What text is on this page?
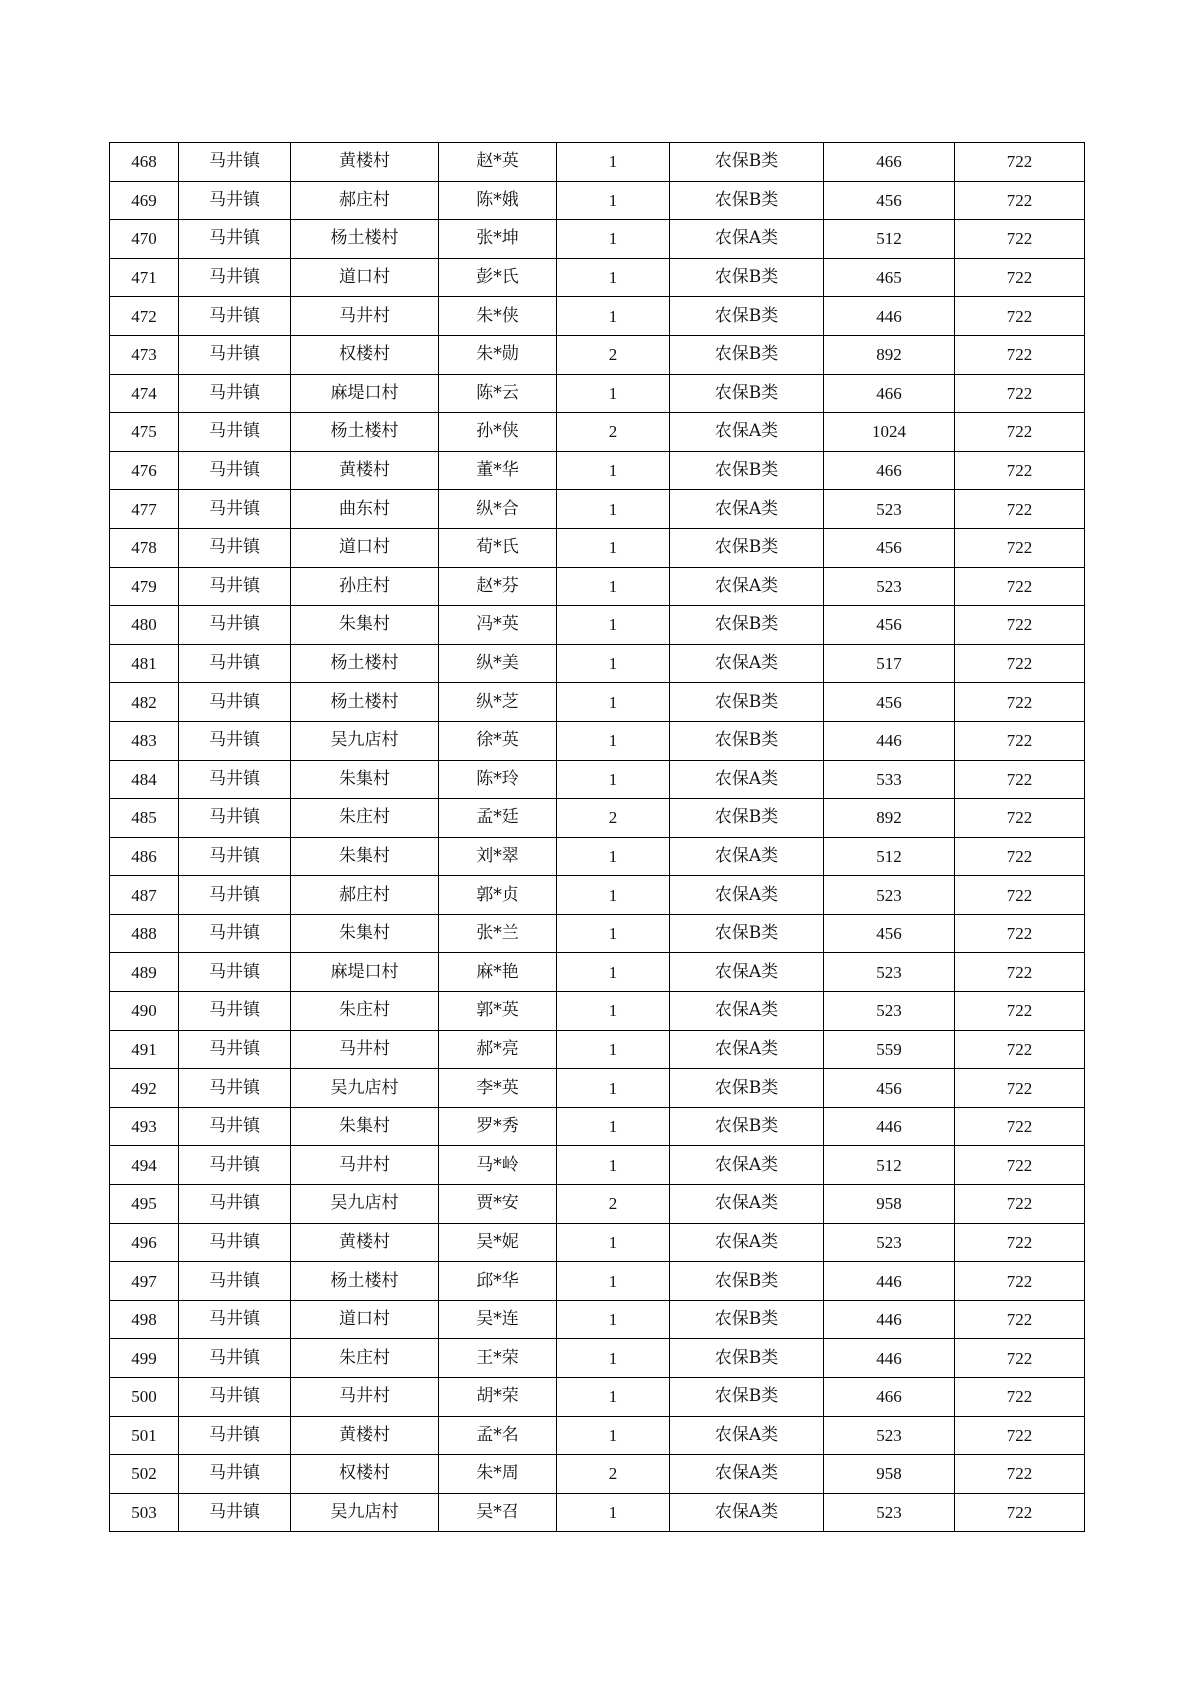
468	马井镇	黄楼村	赵*英	1	农保B类	466	722
469	马井镇	郝庄村	陈*娥	1	农保B类	456	722
470	马井镇	杨土楼村	张*坤	1	农保A类	512	722
471	马井镇	道口村	彭*氏	1	农保B类	465	722
472	马井镇	马井村	朱*侠	1	农保B类	446	722
473	马井镇	权楼村	朱*勋	2	农保B类	892	722
474	马井镇	麻堤口村	陈*云	1	农保B类	466	722
475	马井镇	杨土楼村	孙*侠	2	农保A类	1024	722
476	马井镇	黄楼村	董*华	1	农保B类	466	722
477	马井镇	曲东村	纵*合	1	农保A类	523	722
478	马井镇	道口村	荀*氏	1	农保B类	456	722
479	马井镇	孙庄村	赵*芬	1	农保A类	523	722
480	马井镇	朱集村	冯*英	1	农保B类	456	722
481	马井镇	杨土楼村	纵*美	1	农保A类	517	722
482	马井镇	杨土楼村	纵*芝	1	农保B类	456	722
483	马井镇	吴九店村	徐*英	1	农保B类	446	722
484	马井镇	朱集村	陈*玲	1	农保A类	533	722
485	马井镇	朱庄村	孟*廷	2	农保B类	892	722
486	马井镇	朱集村	刘*翠	1	农保A类	512	722
487	马井镇	郝庄村	郭*贞	1	农保A类	523	722
488	马井镇	朱集村	张*兰	1	农保B类	456	722
489	马井镇	麻堤口村	麻*艳	1	农保A类	523	722
490	马井镇	朱庄村	郭*英	1	农保A类	523	722
491	马井镇	马井村	郝*亮	1	农保A类	559	722
492	马井镇	吴九店村	李*英	1	农保B类	456	722
493	马井镇	朱集村	罗*秀	1	农保B类	446	722
494	马井镇	马井村	马*岭	1	农保A类	512	722
495	马井镇	吴九店村	贾*安	2	农保A类	958	722
496	马井镇	黄楼村	吴*妮	1	农保A类	523	722
497	马井镇	杨土楼村	邱*华	1	农保B类	446	722
498	马井镇	道口村	吴*连	1	农保B类	446	722
499	马井镇	朱庄村	王*荣	1	农保B类	446	722
500	马井镇	马井村	胡*荣	1	农保B类	466	722
501	马井镇	黄楼村	孟*名	1	农保A类	523	722
502	马井镇	权楼村	朱*周	2	农保A类	958	722
503	马井镇	吴九店村	吴*召	1	农保A类	523	722
